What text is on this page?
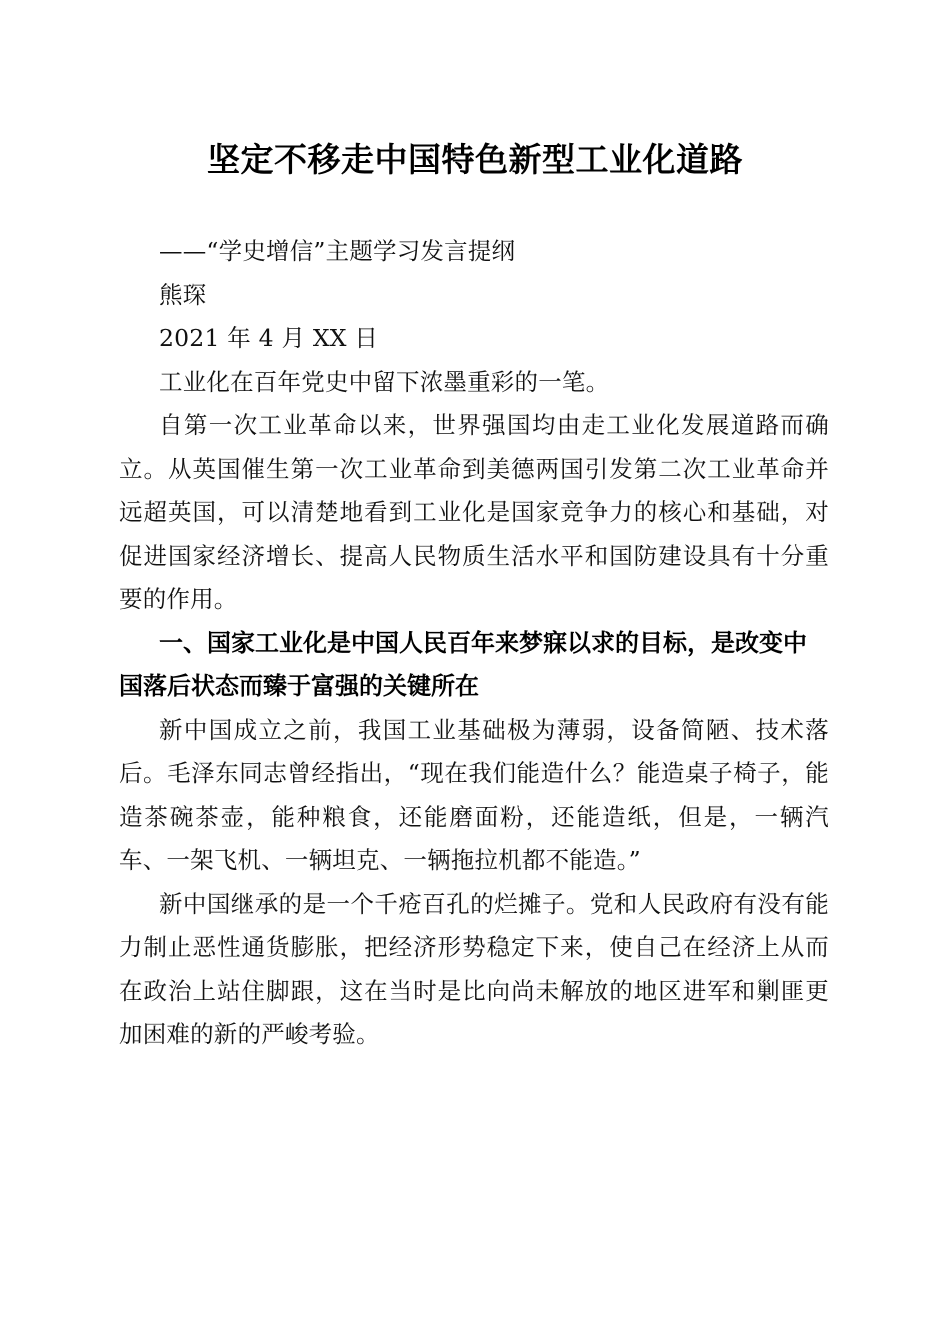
坚定不移走中国特色新型工业化道路

——“学史增信”主题学习发言提纲

熊琛

2021 年 4 月 XX 日

工业化在百年党史中留下浓墨重彩的一笔。

自第一次工业革命以来，世界强国均由走工业化发展道路而确立。从英国催生第一次工业革命到美德两国引发第二次工业革命并远超英国，可以清楚地看到工业化是国家竞争力的核心和基础，对促进国家经济增长、提高人民物质生活水平和国防建设具有十分重要的作用。

一、国家工业化是中国人民百年来梦寐以求的目标，是改变中国落后状态而臻于富强的关键所在

新中国成立之前，我国工业基础极为薄弱，设备简陋、技术落后。毛泽东同志曾经指出，“现在我们能造什么？能造桌子椅子，能造茶碗茶壶，能种粮食，还能磨面粉，还能造纸，但是，一辆汽车、一架飞机、一辆坦克、一辆拖拉机都不能造。”

新中国继承的是一个千疮百孔的烂摊子。党和人民政府有没有能力制止恶性通货膨胀，把经济形势稳定下来，使自己在经济上从而在政治上站住脚跟，这在当时是比向尚未解放的地区进军和剿匪更加困难的新的严峻考验。
